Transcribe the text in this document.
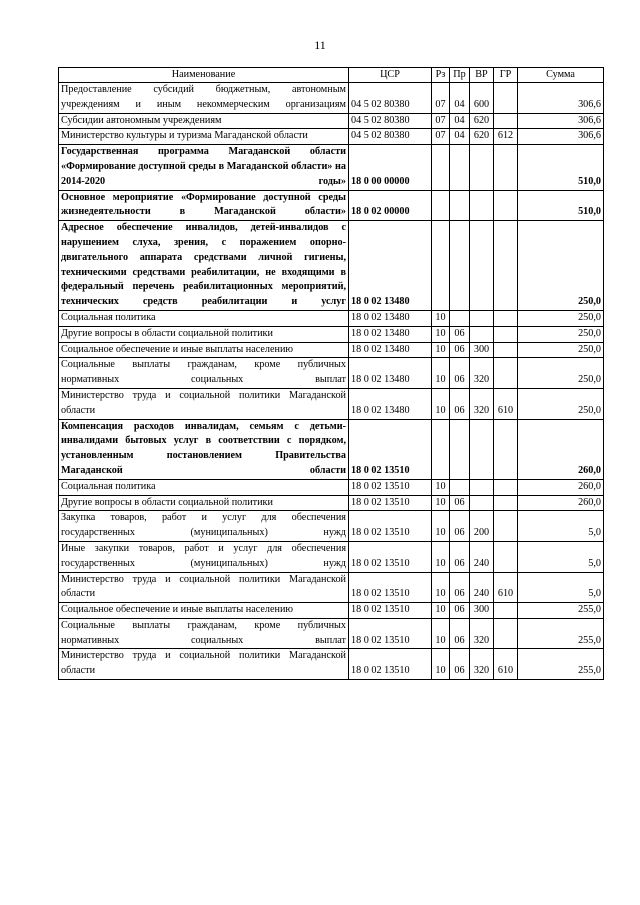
11
Наименование	ЦСР	Рз	Пр	ВР	ГР	Сумма
Предоставление субсидий бюджетным, автономным учреждениям и иным некоммерческим организациям	04 5 02 80380	07	04	600		306,6
Субсидии автономным учреждениям	04 5 02 80380	07	04	620		306,6
Министерство культуры и туризма Магаданской области	04 5 02 80380	07	04	620	612	306,6
Государственная программа Магаданской области «Формирование доступной среды в Магаданской области» на 2014-2020 годы»	18 0 00 00000					510,0
Основное мероприятие «Формирование доступной среды жизнедеятельности в Магаданской области»	18 0 02 00000					510,0
Адресное обеспечение инвалидов, детей-инвалидов с нарушением слуха, зрения, с поражением опорно-двигательного аппарата средствами личной гигиены, техническими средствами реабилитации, не входящими в федеральный перечень реабилитационных мероприятий, технических средств реабилитации и услуг	18 0 02 13480					250,0
Социальная политика	18 0 02 13480	10				250,0
Другие вопросы в области социальной политики	18 0 02 13480	10	06			250,0
Социальное обеспечение и иные выплаты населению	18 0 02 13480	10	06	300		250,0
Социальные выплаты гражданам, кроме публичных нормативных социальных выплат	18 0 02 13480	10	06	320		250,0
Министерство труда и социальной политики Магаданской области	18 0 02 13480	10	06	320	610	250,0
Компенсация расходов инвалидам, семьям с детьми-инвалидами бытовых услуг в соответствии с порядком, установленным постановлением Правительства Магаданской области	18 0 02 13510					260,0
Социальная политика	18 0 02 13510	10				260,0
Другие вопросы в области социальной политики	18 0 02 13510	10	06			260,0
Закупка товаров, работ и услуг для обеспечения государственных (муниципальных) нужд	18 0 02 13510	10	06	200		5,0
Иные закупки товаров, работ и услуг для обеспечения государственных (муниципальных) нужд	18 0 02 13510	10	06	240		5,0
Министерство труда и социальной политики Магаданской области	18 0 02 13510	10	06	240	610	5,0
Социальное обеспечение и иные выплаты населению	18 0 02 13510	10	06	300		255,0
Социальные выплаты гражданам, кроме публичных нормативных социальных выплат	18 0 02 13510	10	06	320		255,0
Министерство труда и социальной политики Магаданской области	18 0 02 13510	10	06	320	610	255,0
